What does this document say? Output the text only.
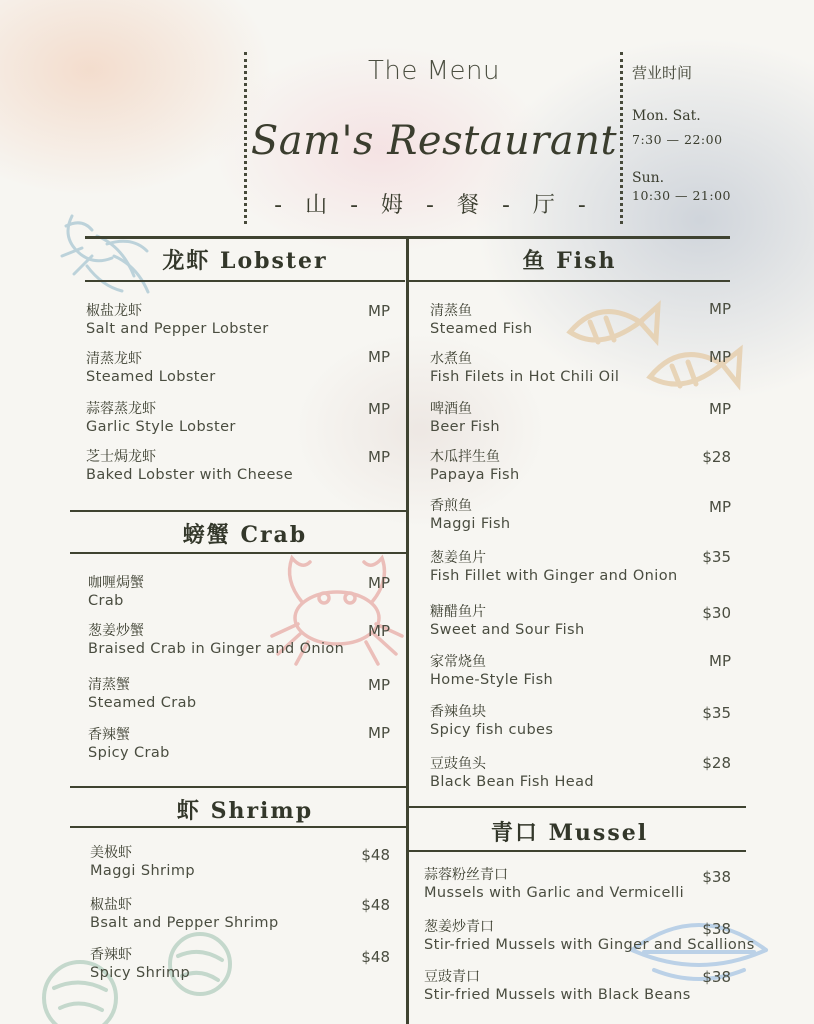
The Menu
Sam's Restaurant
- 山 - 姆 - 餐 - 厅 -
营业时间
Mon. Sat.
7:30 — 22:00
Sun.
10:30 — 21:00
龙虾 Lobster
椒盐龙虾
Salt and Pepper Lobster
MP
清蒸龙虾
Steamed Lobster
MP
蒜蓉蒸龙虾
Garlic Style Lobster
MP
芝士焗龙虾
Baked Lobster with Cheese
MP
螃蟹 Crab
咖喱焗蟹
Crab
MP
葱姜炒蟹
Braised Crab in Ginger and Onion
MP
清蒸蟹
Steamed Crab
MP
香辣蟹
Spicy Crab
MP
虾 Shrimp
美极虾
Maggi Shrimp
$48
椒盐虾
Bsalt and Pepper Shrimp
$48
香辣虾
Spicy Shrimp
$48
鱼 Fish
清蒸鱼
Steamed Fish
MP
水煮鱼
Fish Filets in Hot Chili Oil
MP
啤酒鱼
Beer Fish
MP
木瓜拌生鱼
Papaya Fish
$28
香煎鱼
Maggi Fish
MP
葱姜鱼片
Fish Fillet with Ginger and Onion
$35
糖醋鱼片
Sweet and Sour Fish
$30
家常烧鱼
Home-Style Fish
MP
香辣鱼块
Spicy fish cubes
$35
豆豉鱼头
Black Bean Fish Head
$28
青口 Mussel
蒜蓉粉丝青口
Mussels with Garlic and Vermicelli
$38
葱姜炒青口
Stir-fried Mussels with Ginger and Scallions
$38
豆豉青口
Stir-fried Mussels with Black Beans
$38
